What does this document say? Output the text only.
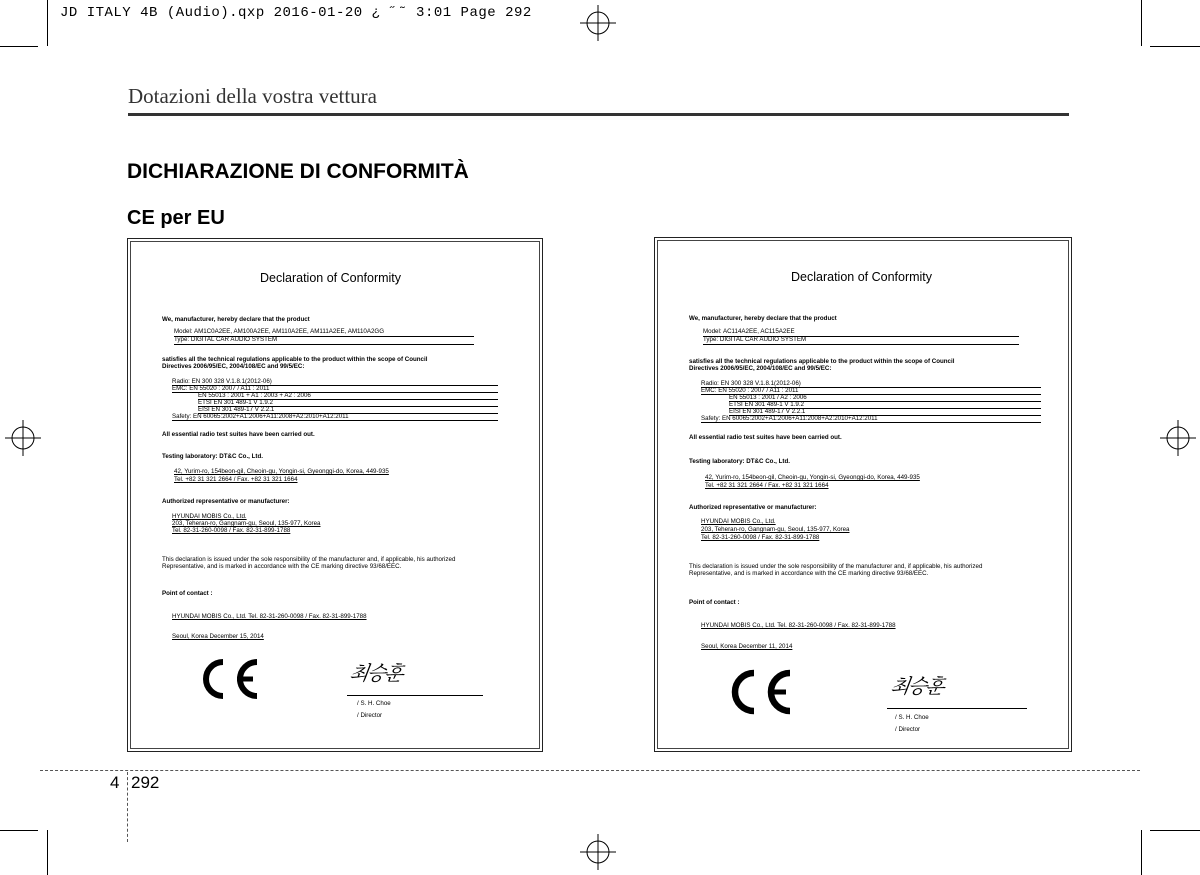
JD ITALY 4B (Audio).qxp 2016-01-20 ¿ ˝˜ 3:01 Page 292
Dotazioni della vostra vettura
DICHIARAZIONE DI CONFORMITÀ
CE per EU
Declaration of Conformity
We, manufacturer, hereby declare that the product
Model: AM1C0A2EE, AM100A2EE, AM110A2EE, AM111A2EE, AM110A2GG
Type: DIGITAL CAR AUDIO SYSTEM
satisfies all the technical regulations applicable to the product within the scope of Council
Directives 2006/95/EC, 2004/108/EC and 99/5/EC:
Radio: EN 300 328 V.1.8.1(2012-06)
EMC: EN 55020 : 2007 / A11 : 2011
EN 55013 : 2001 + A1 : 2003 + A2 : 2006
ETSI EN 301 489-1 V 1.9.2
EISI EN 301 489-17 V 2.2.1
Safety: EN 60065:2002+A1:2006+A11:2008+A2:2010+A12:2011
All essential radio test suites have been carried out.
Testing laboratory: DT&C Co., Ltd.
42, Yurim-ro, 154beon-gil, Cheoin-gu, Yongin-si, Gyeonggi-do, Korea, 449-935
Tel. +82 31 321 2664 / Fax. +82 31 321 1664
Authorized representative or manufacturer:
HYUNDAI MOBIS Co., Ltd.
203, Teheran-ro, Gangnam-gu, Seoul, 135-977, Korea
Tel. 82-31-260-0098 / Fax. 82-31-899-1788
This declaration is issued under the sole responsibility of the manufacturer and, if applicable, his authorized
Representative, and is marked in accordance with the CE marking directive 93/68/EEC.
Point of contact :
HYUNDAI MOBIS Co., Ltd. Tel. 82-31-260-0098 / Fax. 82-31-899-1788
Seoul, Korea December 15, 2014
최승훈
/ S. H. Choe
/ Director
Declaration of Conformity
We, manufacturer, hereby declare that the product
Model: AC114A2EE, AC115A2EE
Type: DIGITAL CAR AUDIO SYSTEM
satisfies all the technical regulations applicable to the product within the scope of Council
Directives 2006/95/EC, 2004/108/EC and 99/5/EC:
Radio: EN 300 328 V.1.8.1(2012-06)
EMC: EN 55020 : 2007 / A11 : 2011
EN 55013 : 2001 / A2 : 2006
ETSI EN 301 489-1 V 1.9.2
EISI EN 301 489-17 V 2.2.1
Safety: EN 60065:2002+A1:2006+A11:2008+A2:2010+A12:2011
All essential radio test suites have been carried out.
Testing laboratory: DT&C Co., Ltd.
42, Yurim-ro, 154beon-gil, Cheoin-gu, Yongin-si, Gyeonggi-do, Korea, 449-935
Tel. +82 31 321 2664 / Fax. +82 31 321 1664
Authorized representative or manufacturer:
HYUNDAI MOBIS Co., Ltd.
203, Teheran-ro, Gangnam-gu, Seoul, 135-977, Korea
Tel. 82-31-260-0098 / Fax. 82-31-899-1788
This declaration is issued under the sole responsibility of the manufacturer and, if applicable, his authorized
Representative, and is marked in accordance with the CE marking directive 93/68/EEC.
Point of contact :
HYUNDAI MOBIS Co., Ltd. Tel. 82-31-260-0098 / Fax. 82-31-899-1788
Seoul, Korea December 11, 2014
최승훈
/ S. H. Choe
/ Director
4 292
